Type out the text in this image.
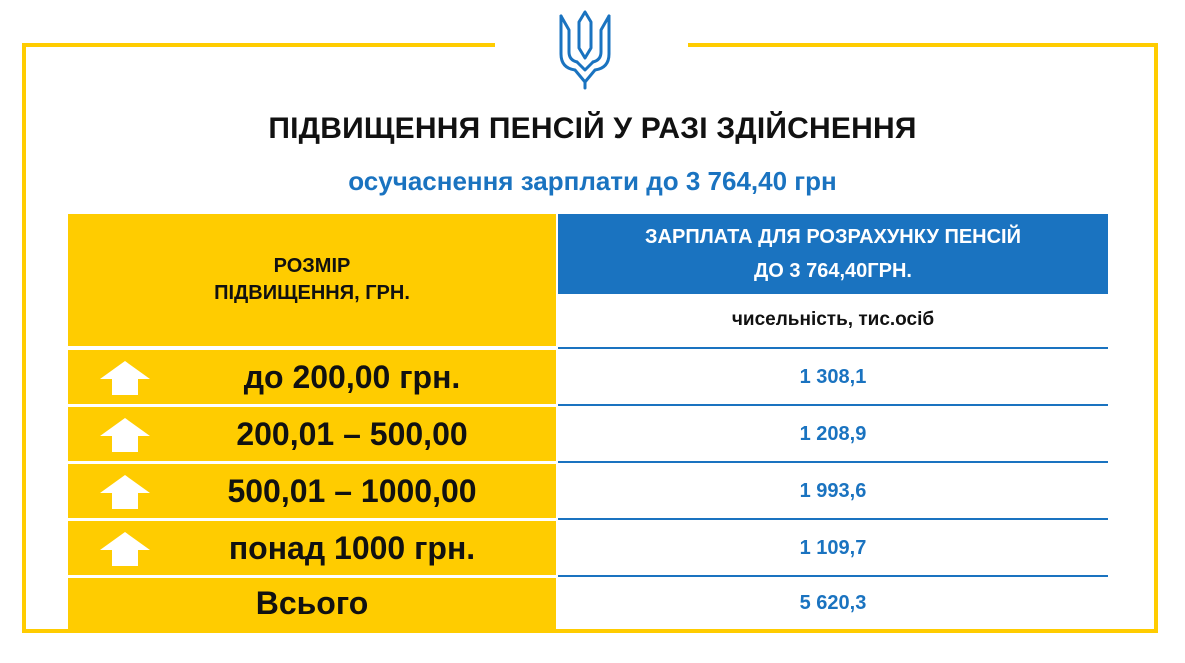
ПІДВИЩЕННЯ ПЕНСІЙ У РАЗІ ЗДІЙСНЕННЯ
осучаснення зарплати до 3 764,40 грн
РОЗМІР
ПІДВИЩЕННЯ, ГРН.
ЗАРПЛАТА ДЛЯ РОЗРАХУНКУ ПЕНСІЙ
ДО 3 764,40ГРН.
чисельність, тис.осіб
до 200,00 грн.	1 308,1
200,01 – 500,00	1 208,9
500,01 – 1000,00	1 993,6
понад 1000 грн.	1 109,7
Всього	5 620,3
